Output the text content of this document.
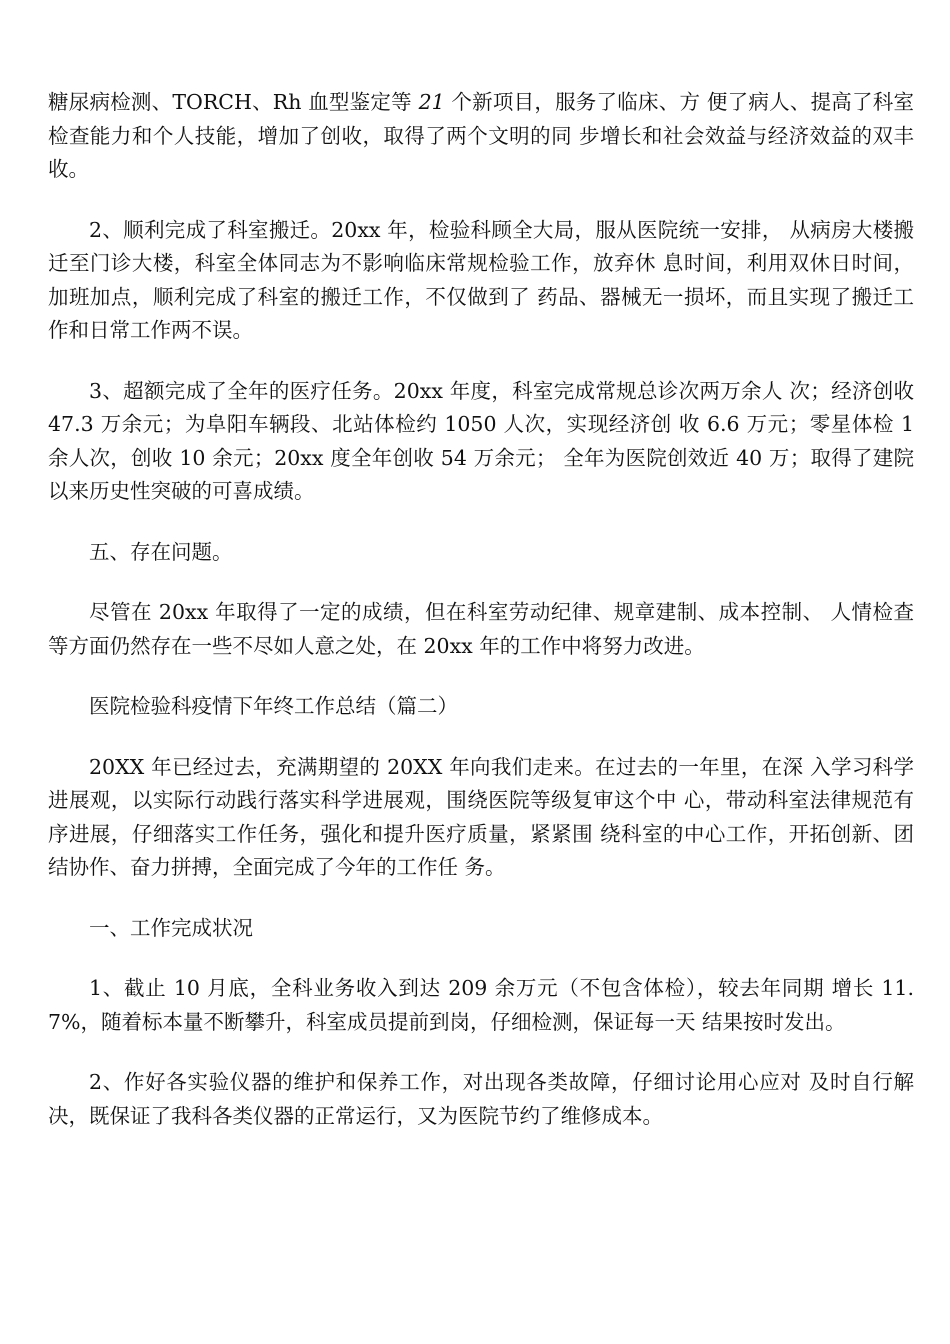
糖尿病检测、TORCH、Rh 血型鉴定等 21 个新项目，服务了临床、方 便了病人、提高了科室检查能力和个人技能，增加了创收，取得了两个文明的同 步增长和社会效益与经济效益的双丰收。

2、顺利完成了科室搬迁。20xx 年，检验科顾全大局，服从医院统一安排， 从病房大楼搬迁至门诊大楼，科室全体同志为不影响临床常规检验工作，放弃休 息时间，利用双休日时间，加班加点，顺利完成了科室的搬迁工作，不仅做到了 药品、器械无一损坏，而且实现了搬迁工作和日常工作两不误。

3、超额完成了全年的医疗任务。20xx 年度，科室完成常规总诊次两万余人 次；经济创收 47.3 万余元；为阜阳车辆段、北站体检约 1050 人次，实现经济创 收 6.6 万元；零星体检 1 余人次，创收 10 余元；20xx 度全年创收 54 万余元； 全年为医院创效近 40 万；取得了建院以来历史性突破的可喜成绩。

五、存在问题。

尽管在 20xx 年取得了一定的成绩，但在科室劳动纪律、规章建制、成本控制、 人情检查等方面仍然存在一些不尽如人意之处，在 20xx 年的工作中将努力改进。

医院检验科疫情下年终工作总结（篇二）

20XX 年已经过去，充满期望的 20XX 年向我们走来。在过去的一年里，在深 入学习科学进展观，以实际行动践行落实科学进展观，围绕医院等级复审这个中 心，带动科室法律规范有序进展，仔细落实工作任务，强化和提升医疗质量，紧紧围 绕科室的中心工作，开拓创新、团结协作、奋力拼搏，全面完成了今年的工作任 务。

一、工作完成状况

1、截止 10 月底，全科业务收入到达 209 余万元（不包含体检），较去年同期 增长 11.7%，随着标本量不断攀升，科室成员提前到岗，仔细检测，保证每一天 结果按时发出。

2、作好各实验仪器的维护和保养工作，对出现各类故障，仔细讨论用心应对 及时自行解决，既保证了我科各类仪器的正常运行，又为医院节约了维修成本。
